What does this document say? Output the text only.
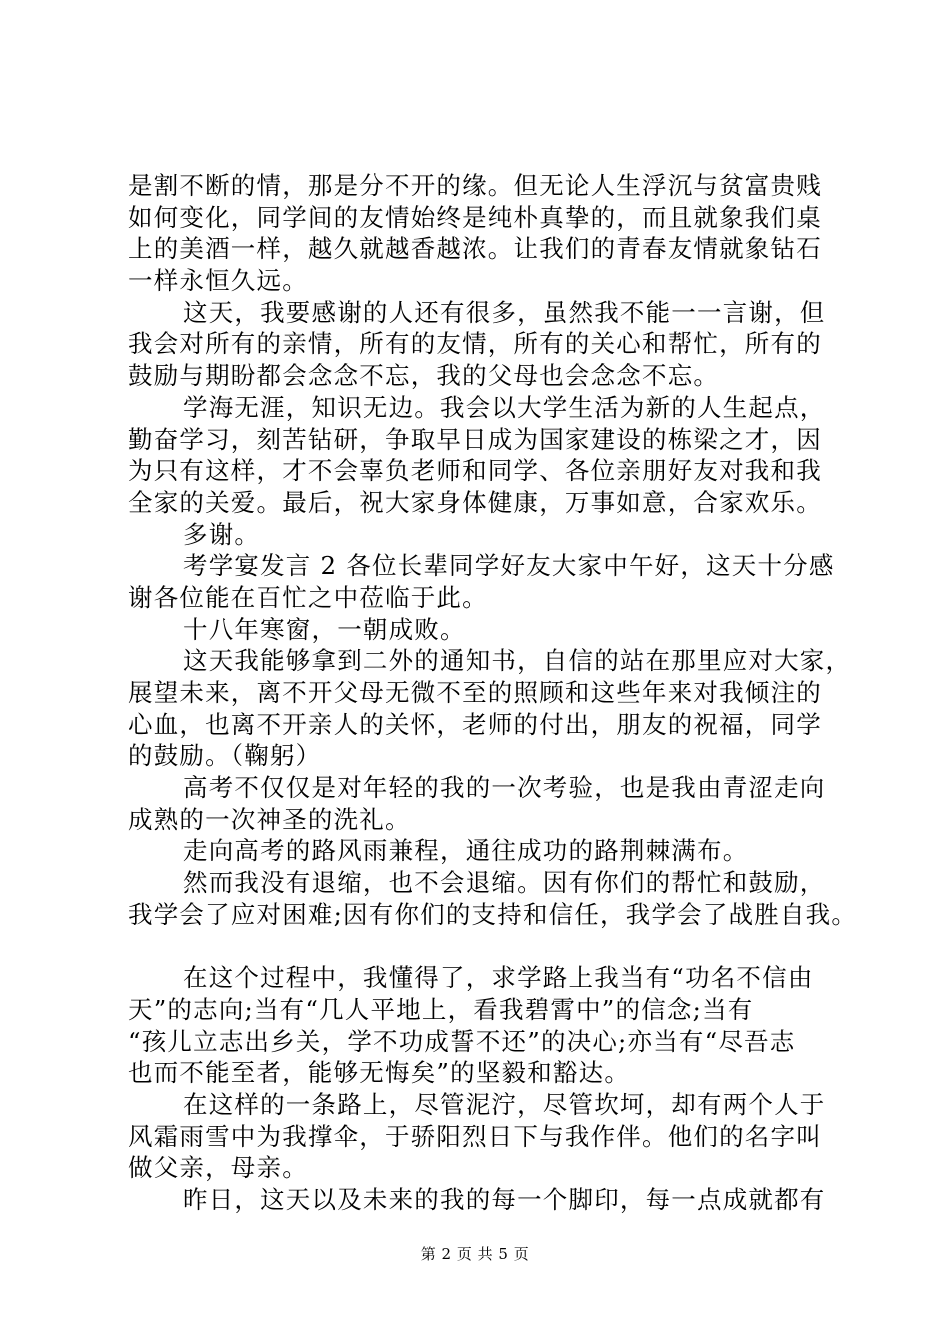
是割不断的情，那是分不开的缘。但无论人生浮沉与贫富贵贱
如何变化，同学间的友情始终是纯朴真挚的，而且就象我们桌
上的美酒一样，越久就越香越浓。让我们的青春友情就象钻石
一样永恒久远。
这天，我要感谢的人还有很多，虽然我不能一一言谢，但
我会对所有的亲情，所有的友情，所有的关心和帮忙，所有的
鼓励与期盼都会念念不忘，我的父母也会念念不忘。
学海无涯，知识无边。我会以大学生活为新的人生起点，
勤奋学习，刻苦钻研，争取早日成为国家建设的栋梁之才，因
为只有这样，才不会辜负老师和同学、各位亲朋好友对我和我
全家的关爱。最后，祝大家身体健康，万事如意，合家欢乐。
多谢。
考学宴发言 2 各位长辈同学好友大家中午好，这天十分感
谢各位能在百忙之中莅临于此。
十八年寒窗，一朝成败。
这天我能够拿到二外的通知书，自信的站在那里应对大家，
展望未来，离不开父母无微不至的照顾和这些年来对我倾注的
心血，也离不开亲人的关怀，老师的付出，朋友的祝福，同学
的鼓励。（鞠躬）
高考不仅仅是对年轻的我的一次考验，也是我由青涩走向
成熟的一次神圣的洗礼。
走向高考的路风雨兼程，通往成功的路荆棘满布。
然而我没有退缩，也不会退缩。因有你们的帮忙和鼓励，
我学会了应对困难;因有你们的支持和信任，我学会了战胜自我。
在这个过程中，我懂得了，求学路上我当有“功名不信由
天”的志向;当有“几人平地上，看我碧霄中”的信念;当有
“孩儿立志出乡关，学不功成誓不还”的决心;亦当有“尽吾志
也而不能至者，能够无悔矣”的坚毅和豁达。
在这样的一条路上，尽管泥泞，尽管坎坷，却有两个人于
风霜雨雪中为我撑伞，于骄阳烈日下与我作伴。他们的名字叫
做父亲，母亲。
昨日，这天以及未来的我的每一个脚印，每一点成就都有
第 2 页 共 5 页
